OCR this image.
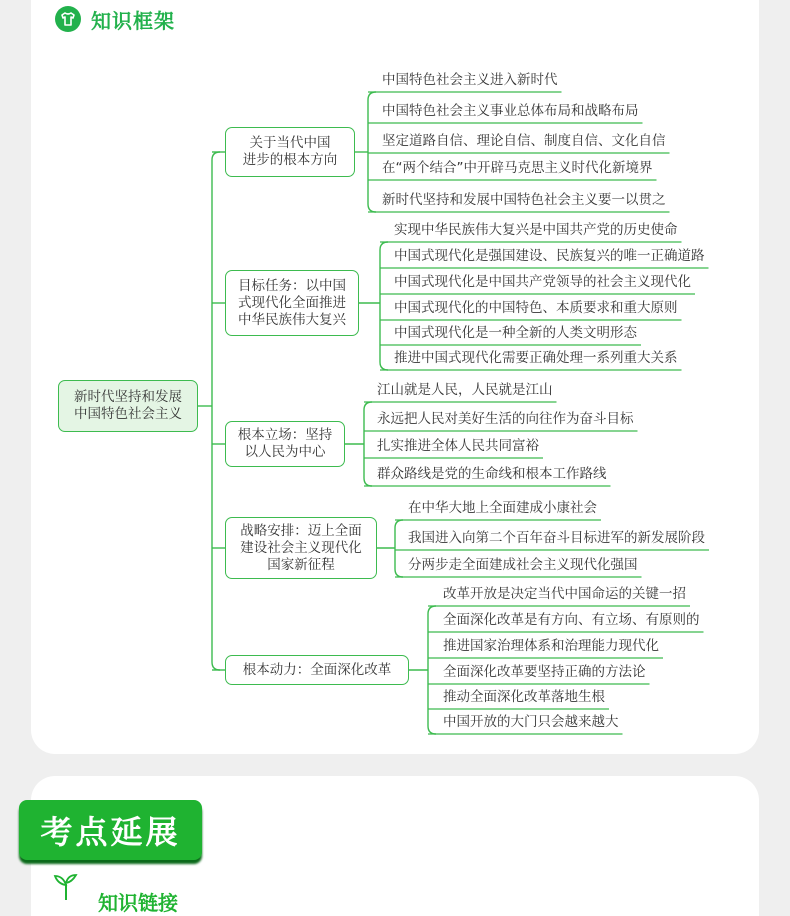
知识框架
新时代坚持和发展
中国特色社会主义
关于当代中国
进步的根本方向
中国特色社会主义进入新时代
中国特色社会主义事业总体布局和战略布局
坚定道路自信、理论自信、制度自信、文化自信
在“两个结合”中开辟马克思主义时代化新境界
新时代坚持和发展中国特色社会主义要一以贯之
目标任务：以中国
式现代化全面推进
中华民族伟大复兴
实现中华民族伟大复兴是中国共产党的历史使命
中国式现代化是强国建设、民族复兴的唯一正确道路
中国式现代化是中国共产党领导的社会主义现代化
中国式现代化的中国特色、本质要求和重大原则
中国式现代化是一种全新的人类文明形态
推进中国式现代化需要正确处理一系列重大关系
根本立场：坚持
以人民为中心
江山就是人民，人民就是江山
永远把人民对美好生活的向往作为奋斗目标
扎实推进全体人民共同富裕
群众路线是党的生命线和根本工作路线
战略安排：迈上全面
建设社会主义现代化
国家新征程
在中华大地上全面建成小康社会
我国进入向第二个百年奋斗目标进军的新发展阶段
分两步走全面建成社会主义现代化强国
根本动力：全面深化改革
改革开放是决定当代中国命运的关键一招
全面深化改革是有方向、有立场、有原则的
推进国家治理体系和治理能力现代化
全面深化改革要坚持正确的方法论
推动全面深化改革落地生根
中国开放的大门只会越来越大
考点延展
知识链接
